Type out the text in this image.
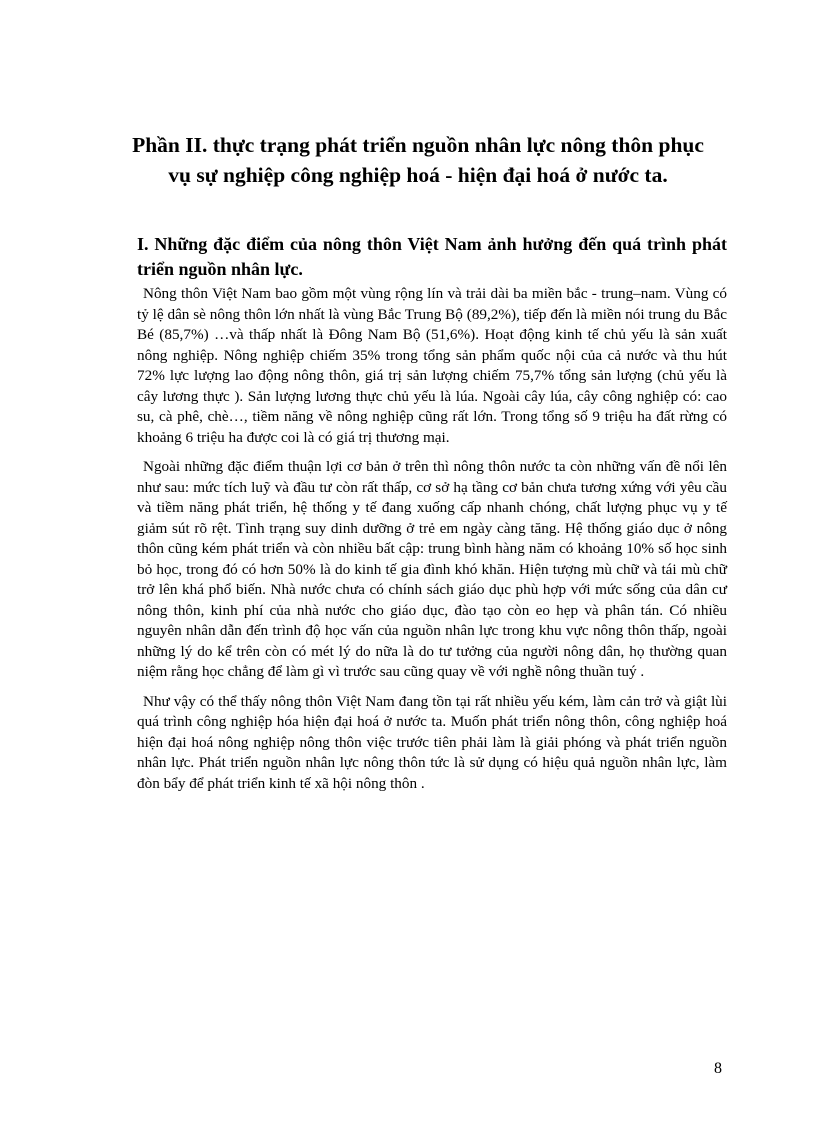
Phần II. thực trạng phát triển nguồn nhân lực nông thôn phục vụ sự nghiệp công nghiệp hoá - hiện đại hoá ở nước ta.
I. Những đặc điểm của nông thôn Việt Nam ảnh hưởng đến quá trình phát triển nguồn nhân lực.

Nông thôn Việt Nam bao gồm một vùng rộng lín và trải dài ba miền bắc - trung–nam. Vùng có tỷ lệ dân sè nông thôn lớn nhất là vùng Bắc Trung Bộ (89,2%), tiếp đến là miền nói trung du Bắc Bé (85,7%) …và thấp nhất là Đông Nam Bộ (51,6%). Hoạt động kinh tế chủ yếu là sản xuất nông nghiệp. Nông nghiệp chiếm 35% trong tổng sản phẩm quốc nội của cả nước và thu hút 72% lực lượng lao động nông thôn, giá trị sản lượng chiếm 75,7% tổng sản lượng (chủ yếu là cây lương thực ). Sản lượng lương thực chủ yếu là lúa. Ngoài cây lúa, cây công nghiệp có: cao su, cà phê, chè…, tiềm năng về nông nghiệp cũng rất lớn. Trong tổng số 9 triệu ha đất rừng có khoảng 6 triệu ha được coi là có giá trị thương mại.

Ngoài những đặc điểm thuận lợi cơ bản ở trên thì nông thôn nước ta còn những vấn đề nổi lên như sau: mức tích luỹ và đầu tư còn rất thấp, cơ sở hạ tầng cơ bản chưa tương xứng với yêu cầu và tiềm năng phát triển, hệ thống y tế đang xuống cấp nhanh chóng, chất lượng phục vụ y tế giảm sút rõ rệt. Tình trạng suy dinh dưỡng ở trẻ em ngày càng tăng. Hệ thống giáo dục ở nông thôn cũng kém phát triển và còn nhiều bất cập: trung bình hàng năm có khoảng 10% số học sinh bỏ học, trong đó có hơn 50% là do kinh tế gia đình khó khăn. Hiện tượng mù chữ và tái mù chữ trở lên khá phổ biến. Nhà nước chưa có chính sách giáo dục phù hợp với mức sống của dân cư nông thôn, kinh phí của nhà nước cho giáo dục, đào tạo còn eo hẹp và phân tán. Có nhiều nguyên nhân dẫn đến trình độ học vấn của nguồn nhân lực trong khu vực nông thôn thấp, ngoài những lý do kể trên còn có mét lý do nữa là do tư tưởng của người nông dân, họ thường quan niệm rằng học chẳng để làm gì vì trước sau cũng quay về với nghề nông thuần tuý .

Như vậy có thể thấy nông thôn Việt Nam đang tồn tại rất nhiều yếu kém, làm cản trở và giật lùi quá trình công nghiệp hóa hiện đại hoá ở nước ta. Muốn phát triển nông thôn, công nghiệp hoá hiện đại hoá nông nghiệp nông thôn việc trước tiên phải làm là giải phóng và phát triển nguồn nhân lực. Phát triển nguồn nhân lực nông thôn tức là sử dụng có hiệu quả nguồn nhân lực, làm đòn bẩy để phát triển kinh tế xã hội nông thôn .

8
